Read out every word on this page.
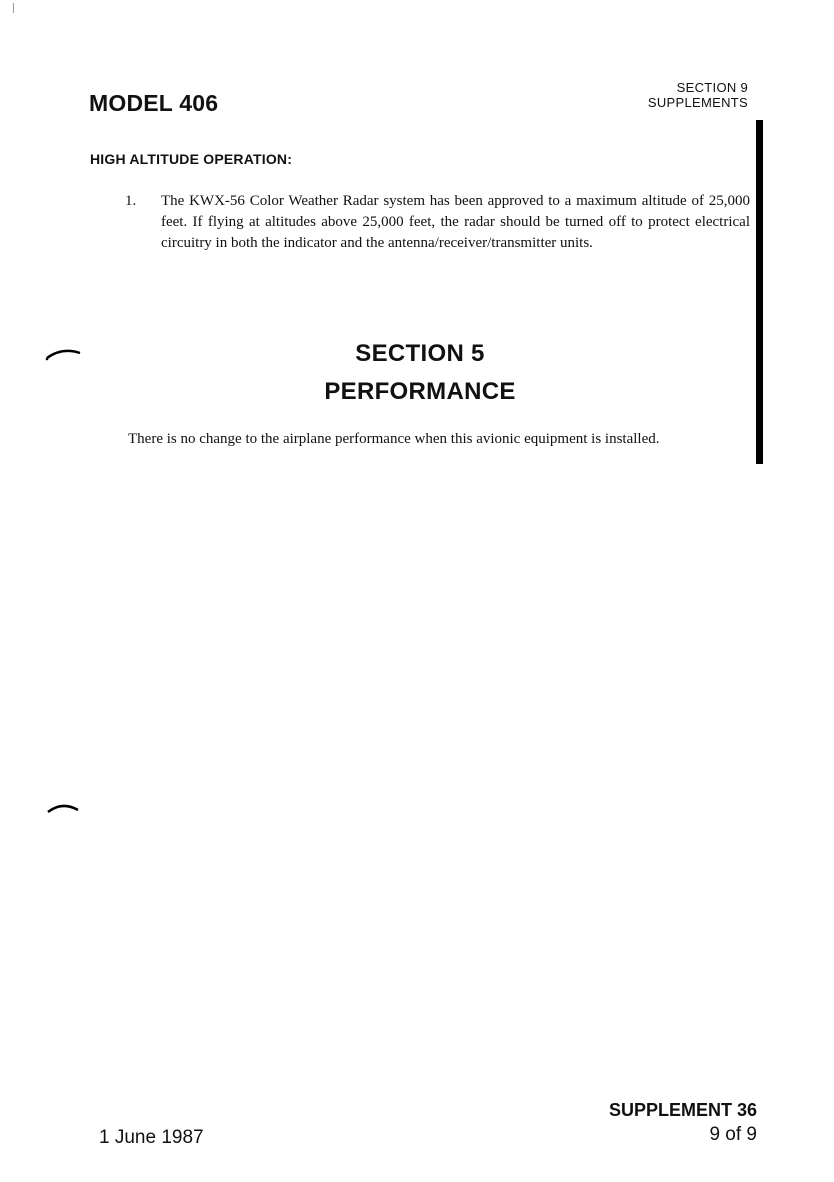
MODEL 406
SECTION 9
SUPPLEMENTS
HIGH ALTITUDE OPERATION:
1. The KWX-56 Color Weather Radar system has been approved to a maximum altitude of 25,000 feet. If flying at altitudes above 25,000 feet, the radar should be turned off to protect electrical circuitry in both the indicator and the antenna/receiver/transmitter units.
SECTION 5
PERFORMANCE
There is no change to the airplane performance when this avionic equipment is installed.
SUPPLEMENT 36
9 of 9
1 June 1987
